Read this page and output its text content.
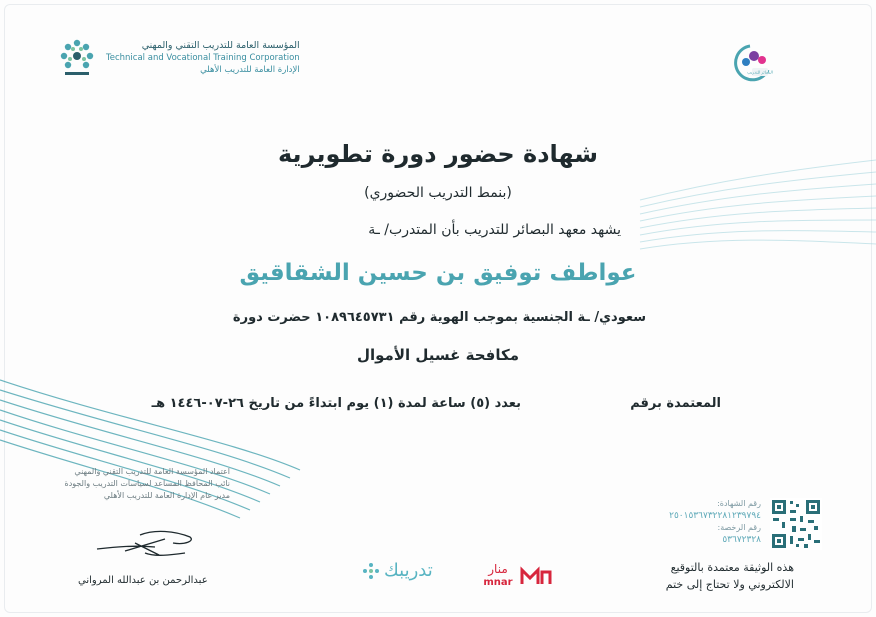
المؤسسة العامة للتدريب التقني والمهني
Technical and Vocational Training Corporation
الإدارة العامة للتدريب الأهلي	البصائر للتدريب
شهادة حضور دورة تطويرية
(بنمط التدريب الحضوري)
يشهد معهد البصائر للتدريب بأن المتدرب/ ـة
عواطف توفيق بن حسين الشقاقيق
سعودي/ ـة الجنسية بموجب الهوية رقم ١٠٨٩٦٤٥٧٣١ حضرت دورة
مكافحة غسيل الأموال
المعتمدة برقم
بعدد (٥) ساعة لمدة (١) يوم ابتداءً من تاريخ ٢٦-٠٧-١٤٤٦ هـ
اعتماد المؤسسة العامة للتدريب التقني والمهني
نائب المحافظ المساعد لسياسات التدريب والجودة
مدير عام الإدارة العامة للتدريب الأهلي
عبدالرحمن بن عبدالله المرواني	تدريبك	منار
mnar
رقم الشهادة:
٢٥٠١٥٣٦٧٣٢٢٨١٢٣٩٧٩٤
رقم الرخصة:
٥٣٦٧٢٣٢٨
هذه الوثيقة معتمدة بالتوقيع
الالكتروني ولا تحتاج إلى ختم
